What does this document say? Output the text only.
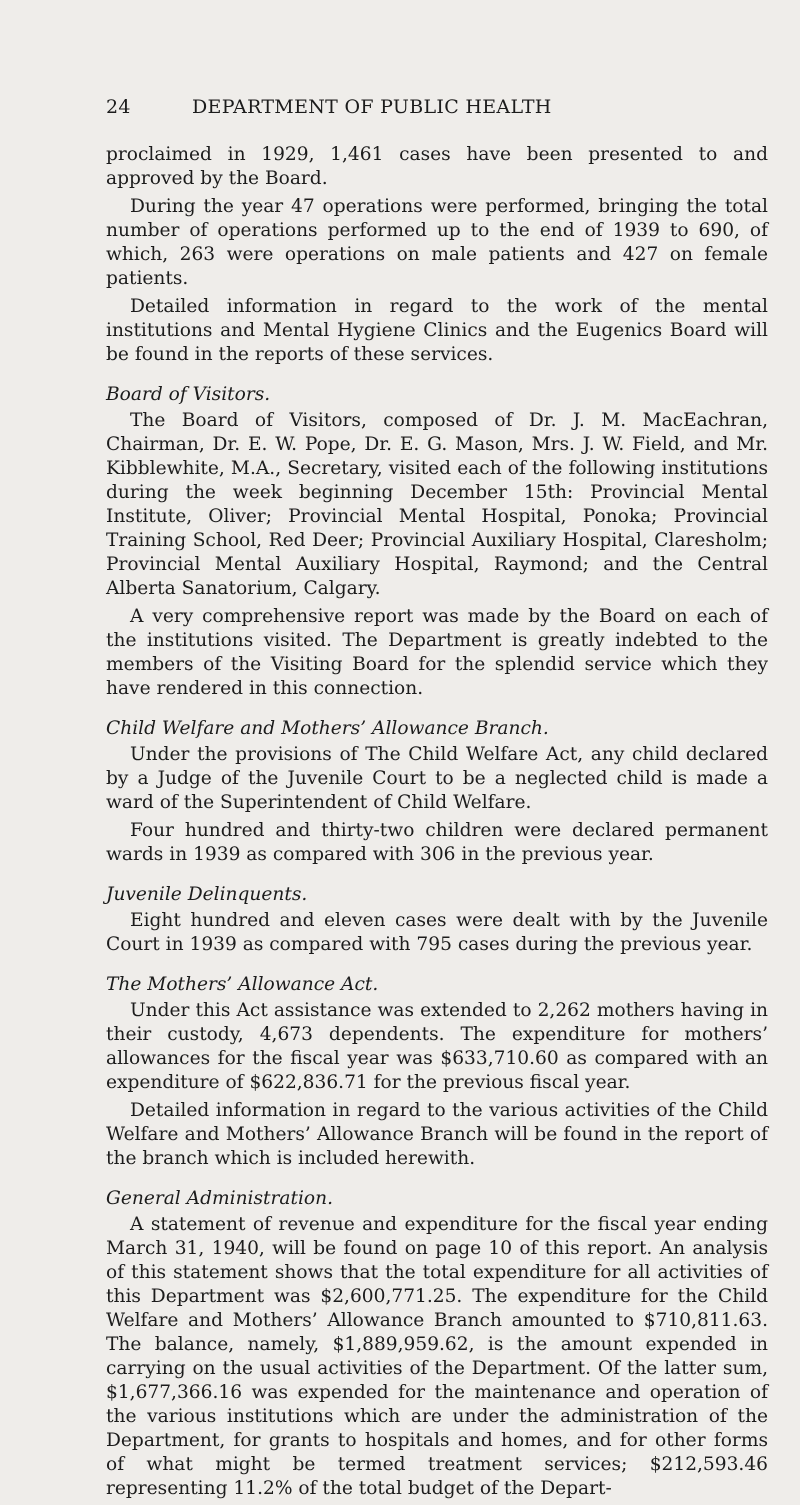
24	DEPARTMENT OF PUBLIC HEALTH

proclaimed in 1929, 1,461 cases have been presented to and approved by the Board.

During the year 47 operations were performed, bringing the total number of operations performed up to the end of 1939 to 690, of which, 263 were operations on male patients and 427 on female patients.

Detailed information in regard to the work of the mental institutions and Mental Hygiene Clinics and the Eugenics Board will be found in the reports of these services.

Board of Visitors.

The Board of Visitors, composed of Dr. J. M. MacEachran, Chairman, Dr. E. W. Pope, Dr. E. G. Mason, Mrs. J. W. Field, and Mr. Kibblewhite, M.A., Secretary, visited each of the following institutions during the week beginning December 15th: Provincial Mental Institute, Oliver; Provincial Mental Hospital, Ponoka; Provincial Training School, Red Deer; Provincial Auxiliary Hospital, Claresholm; Provincial Mental Auxiliary Hospital, Raymond; and the Central Alberta Sanatorium, Calgary.

A very comprehensive report was made by the Board on each of the institutions visited. The Department is greatly indebted to the members of the Visiting Board for the splendid service which they have rendered in this connection.

Child Welfare and Mothers’ Allowance Branch.

Under the provisions of The Child Welfare Act, any child declared by a Judge of the Juvenile Court to be a neglected child is made a ward of the Superintendent of Child Welfare.

Four hundred and thirty-two children were declared permanent wards in 1939 as compared with 306 in the previous year.

Juvenile Delinquents.

Eight hundred and eleven cases were dealt with by the Juvenile Court in 1939 as compared with 795 cases during the previous year.

The Mothers’ Allowance Act.

Under this Act assistance was extended to 2,262 mothers having in their custody, 4,673 dependents. The expenditure for mothers’ allowances for the fiscal year was $633,710.60 as compared with an expenditure of $622,836.71 for the previous fiscal year.

Detailed information in regard to the various activities of the Child Welfare and Mothers’ Allowance Branch will be found in the report of the branch which is included herewith.

General Administration.

A statement of revenue and expenditure for the fiscal year ending March 31, 1940, will be found on page 10 of this report. An analysis of this statement shows that the total expenditure for all activities of this Department was $2,600,771.25. The expenditure for the Child Welfare and Mothers’ Allowance Branch amounted to $710,811.63. The balance, namely, $1,889,959.62, is the amount expended in carrying on the usual activities of the Department. Of the latter sum, $1,677,366.16 was expended for the maintenance and operation of the various institutions which are under the administration of the Department, for grants to hospitals and homes, and for other forms of what might be termed treatment services; $212,593.46 representing 11.2% of the total budget of the Depart-
